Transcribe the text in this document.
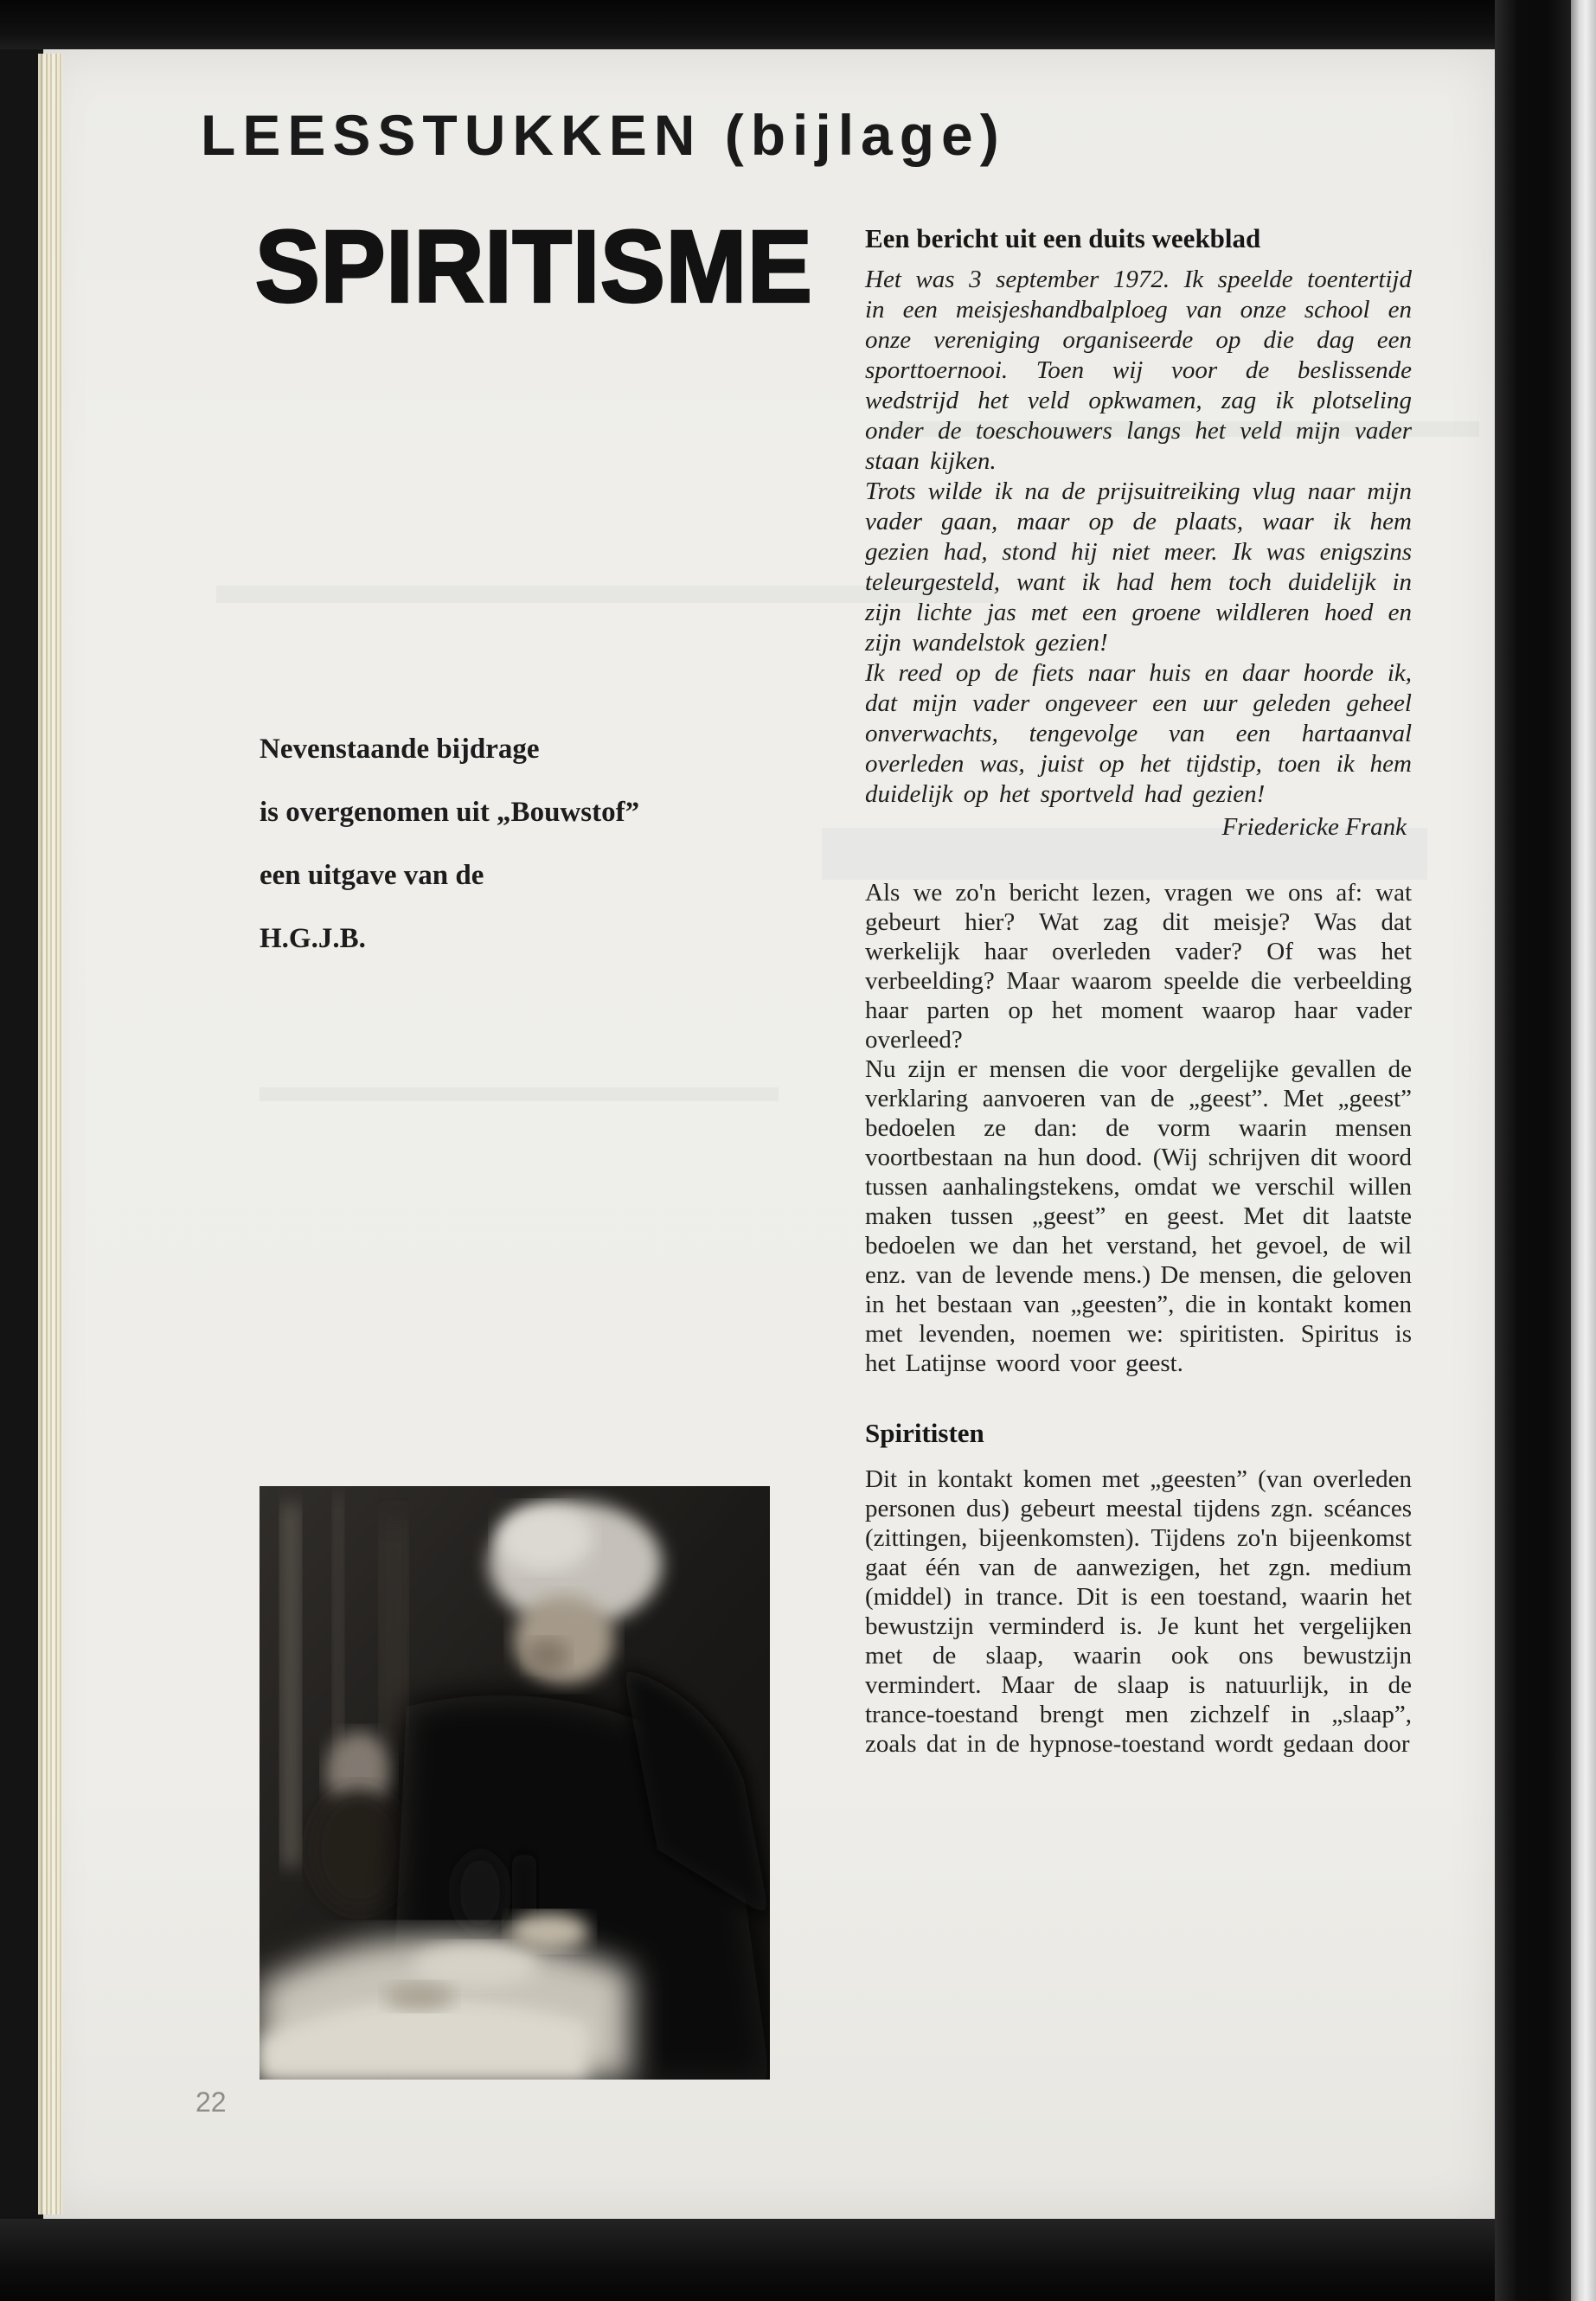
LEESSTUKKEN (bijlage)
SPIRITISME
Nevenstaande bijdrage
is overgenomen uit „Bouwstof”
een uitgave van de
H.G.J.B.
Een bericht uit een duits weekblad

Het was 3 september 1972. Ik speelde toentertijd in een meisjeshandbalploeg van onze school en onze vereniging organiseerde op die dag een sporttoernooi. Toen wij voor de beslissende wedstrijd het veld opkwamen, zag ik plotseling onder de toeschouwers langs het veld mijn vader staan kijken.

Trots wilde ik na de prijsuitreiking vlug naar mijn vader gaan, maar op de plaats, waar ik hem gezien had, stond hij niet meer. Ik was enigszins teleurgesteld, want ik had hem toch duidelijk in zijn lichte jas met een groene wildleren hoed en zijn wandelstok gezien!

Ik reed op de fiets naar huis en daar hoorde ik, dat mijn vader ongeveer een uur geleden geheel onverwachts, tengevolge van een hartaanval overleden was, juist op het tijdstip, toen ik hem duidelijk op het sportveld had gezien!

Friedericke Frank

Als we zo'n bericht lezen, vragen we ons af: wat gebeurt hier? Wat zag dit meisje? Was dat werkelijk haar overleden vader? Of was het verbeelding? Maar waarom speelde die verbeelding haar parten op het moment waarop haar vader overleed?

Nu zijn er mensen die voor dergelijke gevallen de verklaring aanvoeren van de „geest”. Met „geest” bedoelen ze dan: de vorm waarin mensen voortbestaan na hun dood. (Wij schrijven dit woord tussen aanhalingstekens, omdat we verschil willen maken tussen „geest” en geest. Met dit laatste bedoelen we dan het verstand, het gevoel, de wil enz. van de levende mens.) De mensen, die geloven in het bestaan van „geesten”, die in kontakt komen met levenden, noemen we: spiritisten. Spiritus is het Latijnse woord voor geest.

Spiritisten

Dit in kontakt komen met „geesten” (van overleden personen dus) gebeurt meestal tijdens zgn. scéances (zittingen, bijeenkomsten). Tijdens zo'n bijeenkomst gaat één van de aanwezigen, het zgn. medium (middel) in trance. Dit is een toestand, waarin het bewustzijn verminderd is. Je kunt het vergelijken met de slaap, waarin ook ons bewustzijn vermindert. Maar de slaap is natuurlijk, in de trance-toestand brengt men zichzelf in „slaap”, zoals dat in de hypnose-toestand wordt gedaan door

22
